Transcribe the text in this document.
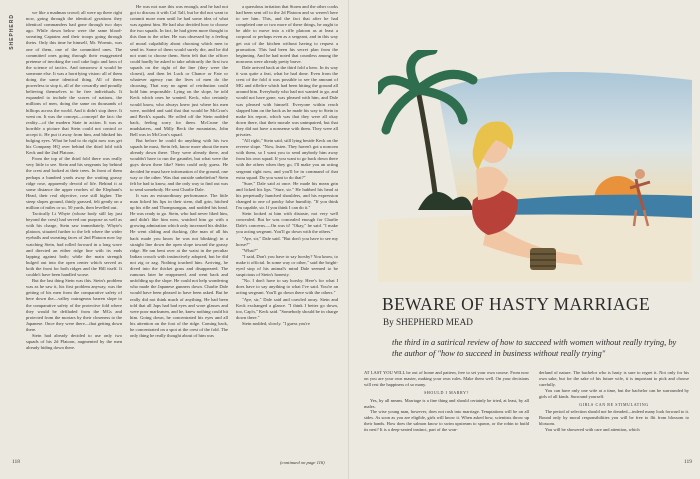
SHEPHERD

we like a madman crowd; all were up there right now, going through the identical gyrations they identical commanders had gone through two days ago. While down below were the same blood-sweating Captains and their troops going through theirs. Only this time he himself, Mr. Wormic, was one of them, one of the committed ones. The committed ones going through their exaggerated pretense of invoking the cool cake logic and laws of the science of tactics. And tomorrow it would be someone else. It was a horrifying vision: all of them doing the same identical thing. All of them powerless to stop it, all of the cowardly and proudly believing themselves to be free individuals. It expanded to include the scores of nations, the millions of men, doing the same on thousands of hilltops across the world. And it didn't stop there. It went on. It was the concept—concept! the fact: the reality—of the modern State in action. It was as horrible a picture that Stein could not control or accept it. He put it away from him, and blinked his bulging eyes. What he had to do right now was get his Company HQ over behind the third fold with Keck and the 2nd Platoon.

From the top of the third fold there was really very little to see. Stein and his sergeants lay behind the crest and looked at their trees. In front of them perhaps a hundred yards away the waiting grassy ridge rose, apparently devoid of life. Behind it at some distance the upper reaches of the Elephant's Head, their real objective, rose still higher. The steep slopes ground, thinly grassed, felt gently on a million of miles or so, 50 yards, then levelled out.

Tactically Lt Whyte (whose body still lay just beyond the crest) had served our purpose as well as with his charge, Stein saw immediately. Whyte's platoon, situated further to the left where the wider eyeballs and sweating faces of 2nd Platoon now lay watching Stein, had rolled forward in a long wave and directed an either ridge line with its ends lapping against both; while the main strength bulged out into the open center which served as both the front for both ridges and the Hill itself. It couldn't have been handled worse.

But the last thing Stein was this. Stein's problem was as he saw it, his first problem anyway, was the getting of his men from the comparative safety of here down the—valley outrageous barren slope to the comparative safety of the protective fold where they would be defiladed from the MGs and protected from the mortars by their closeness to the Japanese. Once they were there—that getting down there.

Stein had already decided to use only two squads of his 2d Platoon, augmented by the men already hiding down there.

He was not sure this was enough, and he had not got to discuss it with Col Tall, but he did not want to commit more men until he had some idea of what was against him. He had also decided how to choose the two squads. In fact, he had given more thought to this than to the other. He was obsessed by a feeling of moral culpability about choosing which men to send in. Some of them would surely die, and he did not want to choose them. Stein felt that the officer could hardly be asked to take arbitrarily the first two squads on the right of the line (they were the closest), and then let Luck or Chance or Fate or whatever agency run the lives of men do the choosing. That way no agent of retribution could hold him responsible. Lying on the slope, he told Keck which ones he wanted. Keck, who certainly would know, who always knew just where his men were, nodded and said that that would be McCron's and Beck's squads. He rolled off the Stein nodded back, feeling sorry for them. McCrone the mudskaters, and Milly Beck the mountains, John Bell was in McCron's squad.

But before he could do anything with his two squads he must, Stein felt, know more about the men already down there. They were already there, and wouldn't have to run the gauntlet, but what were the guys down there like? Stein could only guess. He decided he must have information of the ground, one way or the other. Was that outside unbeliefon? Stein felt he had to know, and the only way to find out was to send somebody. He sent Charlie Dale.

It was an extraordinary performance. The little man licked his lips in their stern, dull grin, hitched up his rifle and Thompsongun, and nodded his head. He was ready to go. Stein, who had never liked him, and didn't like him now, watched him go with a growing admiration which only increased his dislike. He went sliding and ducking, (the man of all his back made you know he was not blinking) in a straight line down the open slope toward the grassy ridge. He ran bent over at the waist in the peculiar Indian crouch with instinctively adopted, but he did not zig or zag. Nothing touched him. Arriving, he dived into the thicket grass and disappeared. The rumours later he reappeared, and went back and unfolding up the slope. He could not help wondering who made the Japanese gunners down. Charlie Dale would have been pleased to have been asked. But he really did not think much of anything. He had been told that all Japs had bad eyes and wore glasses and were poor marksmen, and he, knew nothing could hit him. Going down, he concentrated his eyes and all his attention on the foot of the ridge. Coming back, he concentrated on a spot at the crest of the fold. The only thing he really thought about of him was

a querulous irritation that Storm and the other cooks had been sent off to the 2d Platoon and so weren't here to see him. This, and the fact that after he had completed one or two more of these things, he ought to be able to move into a rifle platoon as at least a corporal or perhaps even as a sergeant, and in this way get out of the kitchen without having to request a promotion. This had been his secret plan from the beginning. And he had noted that countless among the noncoms were already pretty brave.

Dale arrived back at the third fold a hero. In its way it was quite a feat, what he had done. Even from the crest of the fold it was possible to see the amount of MG and riflefire which had been hitting the ground all around him. Everybody who had not wanted to go, and would not have gone, was pleased with him, and Dale was pleased with himself. Everyone within reach slapped him on the back as he made his way to Stein to make his report, which was that they were all okay down there, that their morale was unimpaired, but that they did not have a nonsense with them. They were all privates.

"All right," Stein said, still lying beside Keck on the reverse slope. "Now, listen. They haven't got a noncom with them, so I want you to send anybody him away from his own squad. If you want to go back down there with the others when they go, I'll make you an acting sergeant right now, and you'll be in command of that extra squad. Do you want to do that?"

"Sure," Dale said at once. He made his mean grin and licked his lips. "Sure, sir." He hubbed his head at his perpetually hunched shoulders, and his expression changed to one of pawky false humility. "If you think I'm capable, sir. If you think I can do it."

Stein looked at him with distaste, not very well concealed. But he was concealed enough for Charlie Dale's concerns.—On was it! "Okay," he said. "I make you acting sergeant. You'll go down with the others."

"Aye, sir," Dale said. "But don't you have to see my horse?"

"What?"

"I said, Don't you have to say horsby? You know, to make it official. In some way or other," said the bright-eyed stop of his animal's mind Dale seemed to be suspicious of Stein's honesty.

"No. I don't have to say horsby. Here's for what I does have to say anything to what I've said. You're an acting sergeant. You'll go down there with the others."

"Aye, sir," Dale said and crawled away. Stein and Keck exchanged a glance. "I think I better go down, too, Cap'n," Keck said. "Somebody should be in charge down there."

Stein nodded, slowly. "I guess you're

(continued on page 116)
118	119
BEWARE OF HASTY MARRIAGE
By SHEPHERD MEAD
the third in a satirical review of how to succeed with women without really trying, by the author of "how to succeed in business without really trying"

AT LAST YOU WILL be out of home and pattern, free to set your own course. From now on you are your own master, making your own rules. Make them well. On your decisions will rest the happiness of so many.

SHOULD I MARRY?

Yes, by all means. Marriage is a fine thing and should certainly be tried, at least, by all males.

The wise young man, however, does not rush into marriage. Temptations will be on all sides. As soon as you are eligible, girls will know it. When asked how, scientists throw up their hands. How does the salmon know to swim upstream to spawn, or the robin to build its nest? It is a deep-seated instinct, part of the won-

derland of nature. The bachelor who is hasty is sure to regret it. Not only for his own sake, but for the sake of his future wife, it is important to pick and choose carefully.

You can have only one wife at a time, but the bachelor can be surrounded by girls of all kinds. Surround yourself.

GIRLS CAN BE STIMULATING

The period of selection should not be dreaded—indeed many look forward to it. Bound only by moral responsibilities you will be free to flit from blossom to blossom.

You will be showered with care and attention, which
